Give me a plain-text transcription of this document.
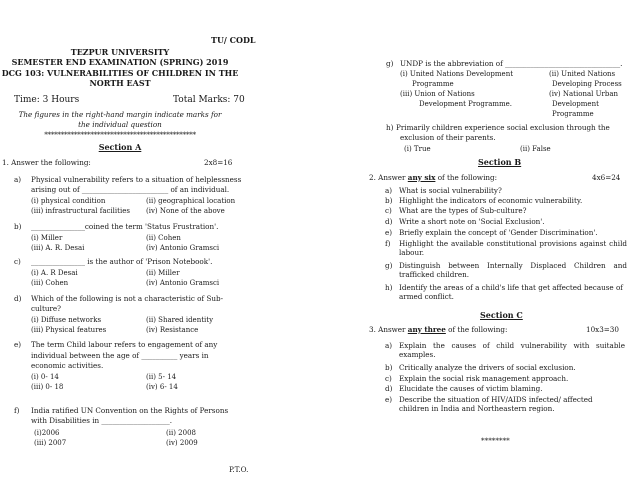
TU/ CODL
TEZPUR UNIVERSITY
SEMESTER END EXAMINATION (SPRING) 2019
DCG 103: VULNERABILITIES OF CHILDREN IN THE
NORTH EAST
Time: 3 Hours	Total Marks: 70
The figures in the right-hand margin indicate marks for
the individual question
**********************************************
Section A
1. Answer the following:	2x8=16
a) Physical vulnerability refers to a situation of helplessness
arising out of ________________________ of an individual.
(i) physical condition	(ii) geographical location
(iii) infrastructural facilities (iv) None of the above
b) _______________coined the term 'Status Frustration'.
(i) Miller	(ii) Cohen
(iii) A. R. Desai	(iv) Antonio Gramsci
c) _______________ is the author of 'Prison Notebook'.
(i) A. R Desai	(ii) Miller
(iii) Cohen	(iv) Antonio Gramsci
d) Which of the following is not a characteristic of Sub-
culture?
(i) Diffuse networks	(ii) Shared identity
(iii) Physical features	(iv) Resistance
e) The term Child labour refers to engagement of any
individual between the age of __________ years in
economic activities.
(i) 0- 14	(ii) 5- 14
(iii) 0- 18	(iv) 6- 14
f) India ratified UN Convention on the Rights of Persons
with Disabilities in ___________________.
(i)2006	(ii) 2008
(iii) 2007	(iv) 2009
P.T.O.
g) UNDP is the abbreviation of ________________________________.
(i) United Nations Development
Programme
(ii) United Nations
Developing Process
(iii) Union of Nations
Development Programme.
(iv) National Urban
Development
Programme
h) Primarily children experience social exclusion through the
exclusion of their parents.
(i) True	(ii) False
Section B
2. Answer any six of the following:	4x6=24
a) What is social vulnerability?
b) Highlight the indicators of economic vulnerability.
c) What are the types of Sub-culture?
d) Write a short note on 'Social Exclusion'.
e) Briefly explain the concept of 'Gender Discrimination'.
f) Highlight the available constitutional provisions against child labour.
g) Distinguish between Internally Displaced Children and trafficked children.
h) Identify the areas of a child's life that get affected because of armed conflict.
Section C
3. Answer any three of the following:	10x3=30
a) Explain the causes of child vulnerability with suitable examples.
b) Critically analyze the drivers of social exclusion.
c) Explain the social risk management approach.
d) Elucidate the causes of victim blaming.
e) Describe the situation of HIV/AIDS infected/ affected children in India and Northeastern region.
********
